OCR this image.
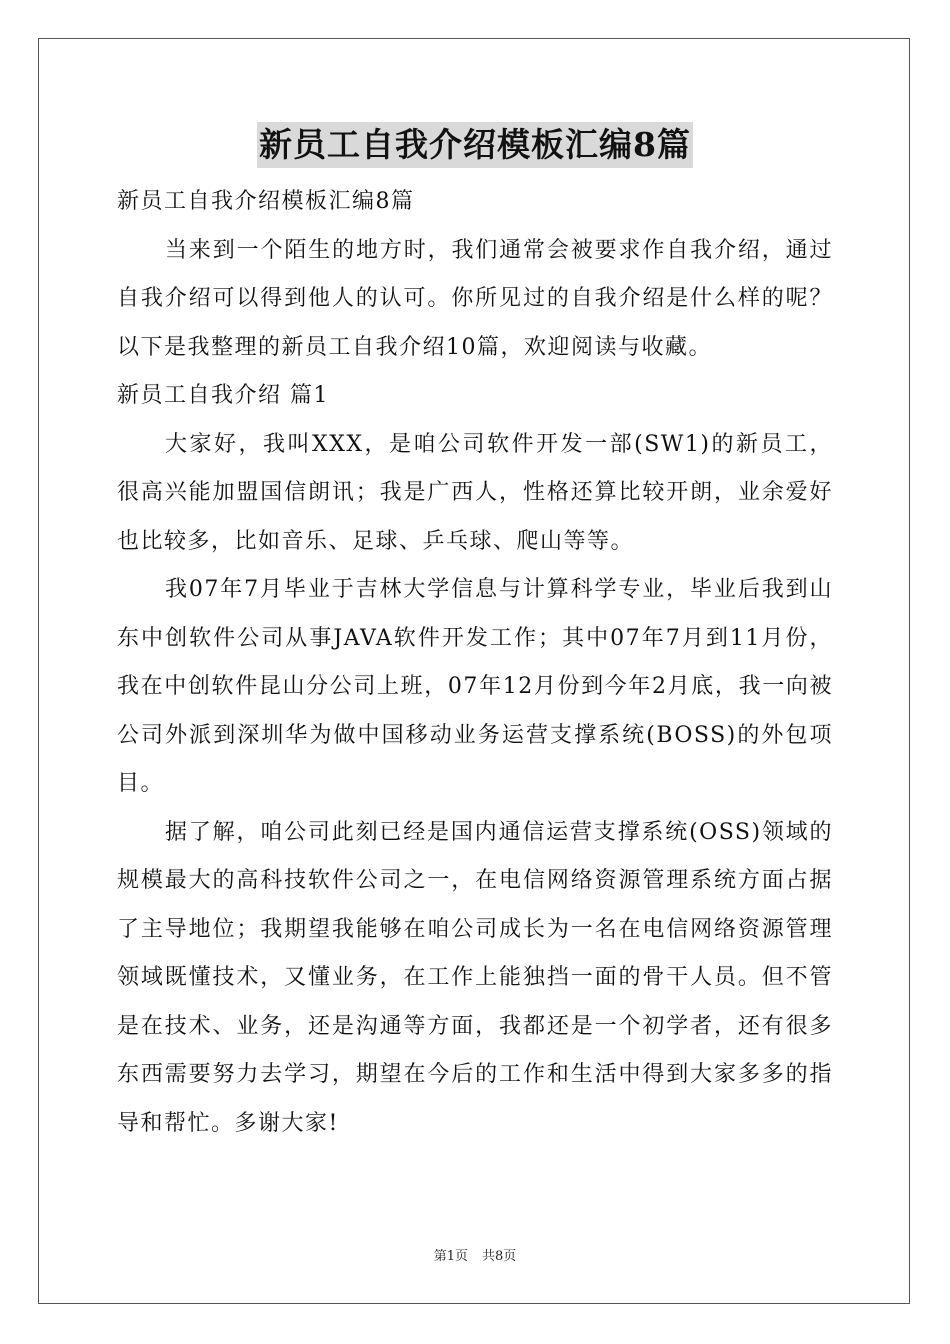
新员工自我介绍模板汇编8篇

新员工自我介绍模板汇编8篇

当来到一个陌生的地方时，我们通常会被要求作自我介绍，通过自我介绍可以得到他人的认可。你所见过的自我介绍是什么样的呢？以下是我整理的新员工自我介绍10篇，欢迎阅读与收藏。

新员工自我介绍 篇1

大家好，我叫XXX，是咱公司软件开发一部(SW1)的新员工，很高兴能加盟国信朗讯；我是广西人，性格还算比较开朗，业余爱好也比较多，比如音乐、足球、乒乓球、爬山等等。

我07年7月毕业于吉林大学信息与计算科学专业，毕业后我到山东中创软件公司从事JAVA软件开发工作；其中07年7月到11月份，我在中创软件昆山分公司上班，07年12月份到今年2月底，我一向被公司外派到深圳华为做中国移动业务运营支撑系统(BOSS)的外包项目。

据了解，咱公司此刻已经是国内通信运营支撑系统(OSS)领域的规模最大的高科技软件公司之一，在电信网络资源管理系统方面占据了主导地位；我期望我能够在咱公司成长为一名在电信网络资源管理领域既懂技术，又懂业务，在工作上能独挡一面的骨干人员。但不管是在技术、业务，还是沟通等方面，我都还是一个初学者，还有很多东西需要努力去学习，期望在今后的工作和生活中得到大家多多的指导和帮忙。多谢大家!

第1页 共8页
